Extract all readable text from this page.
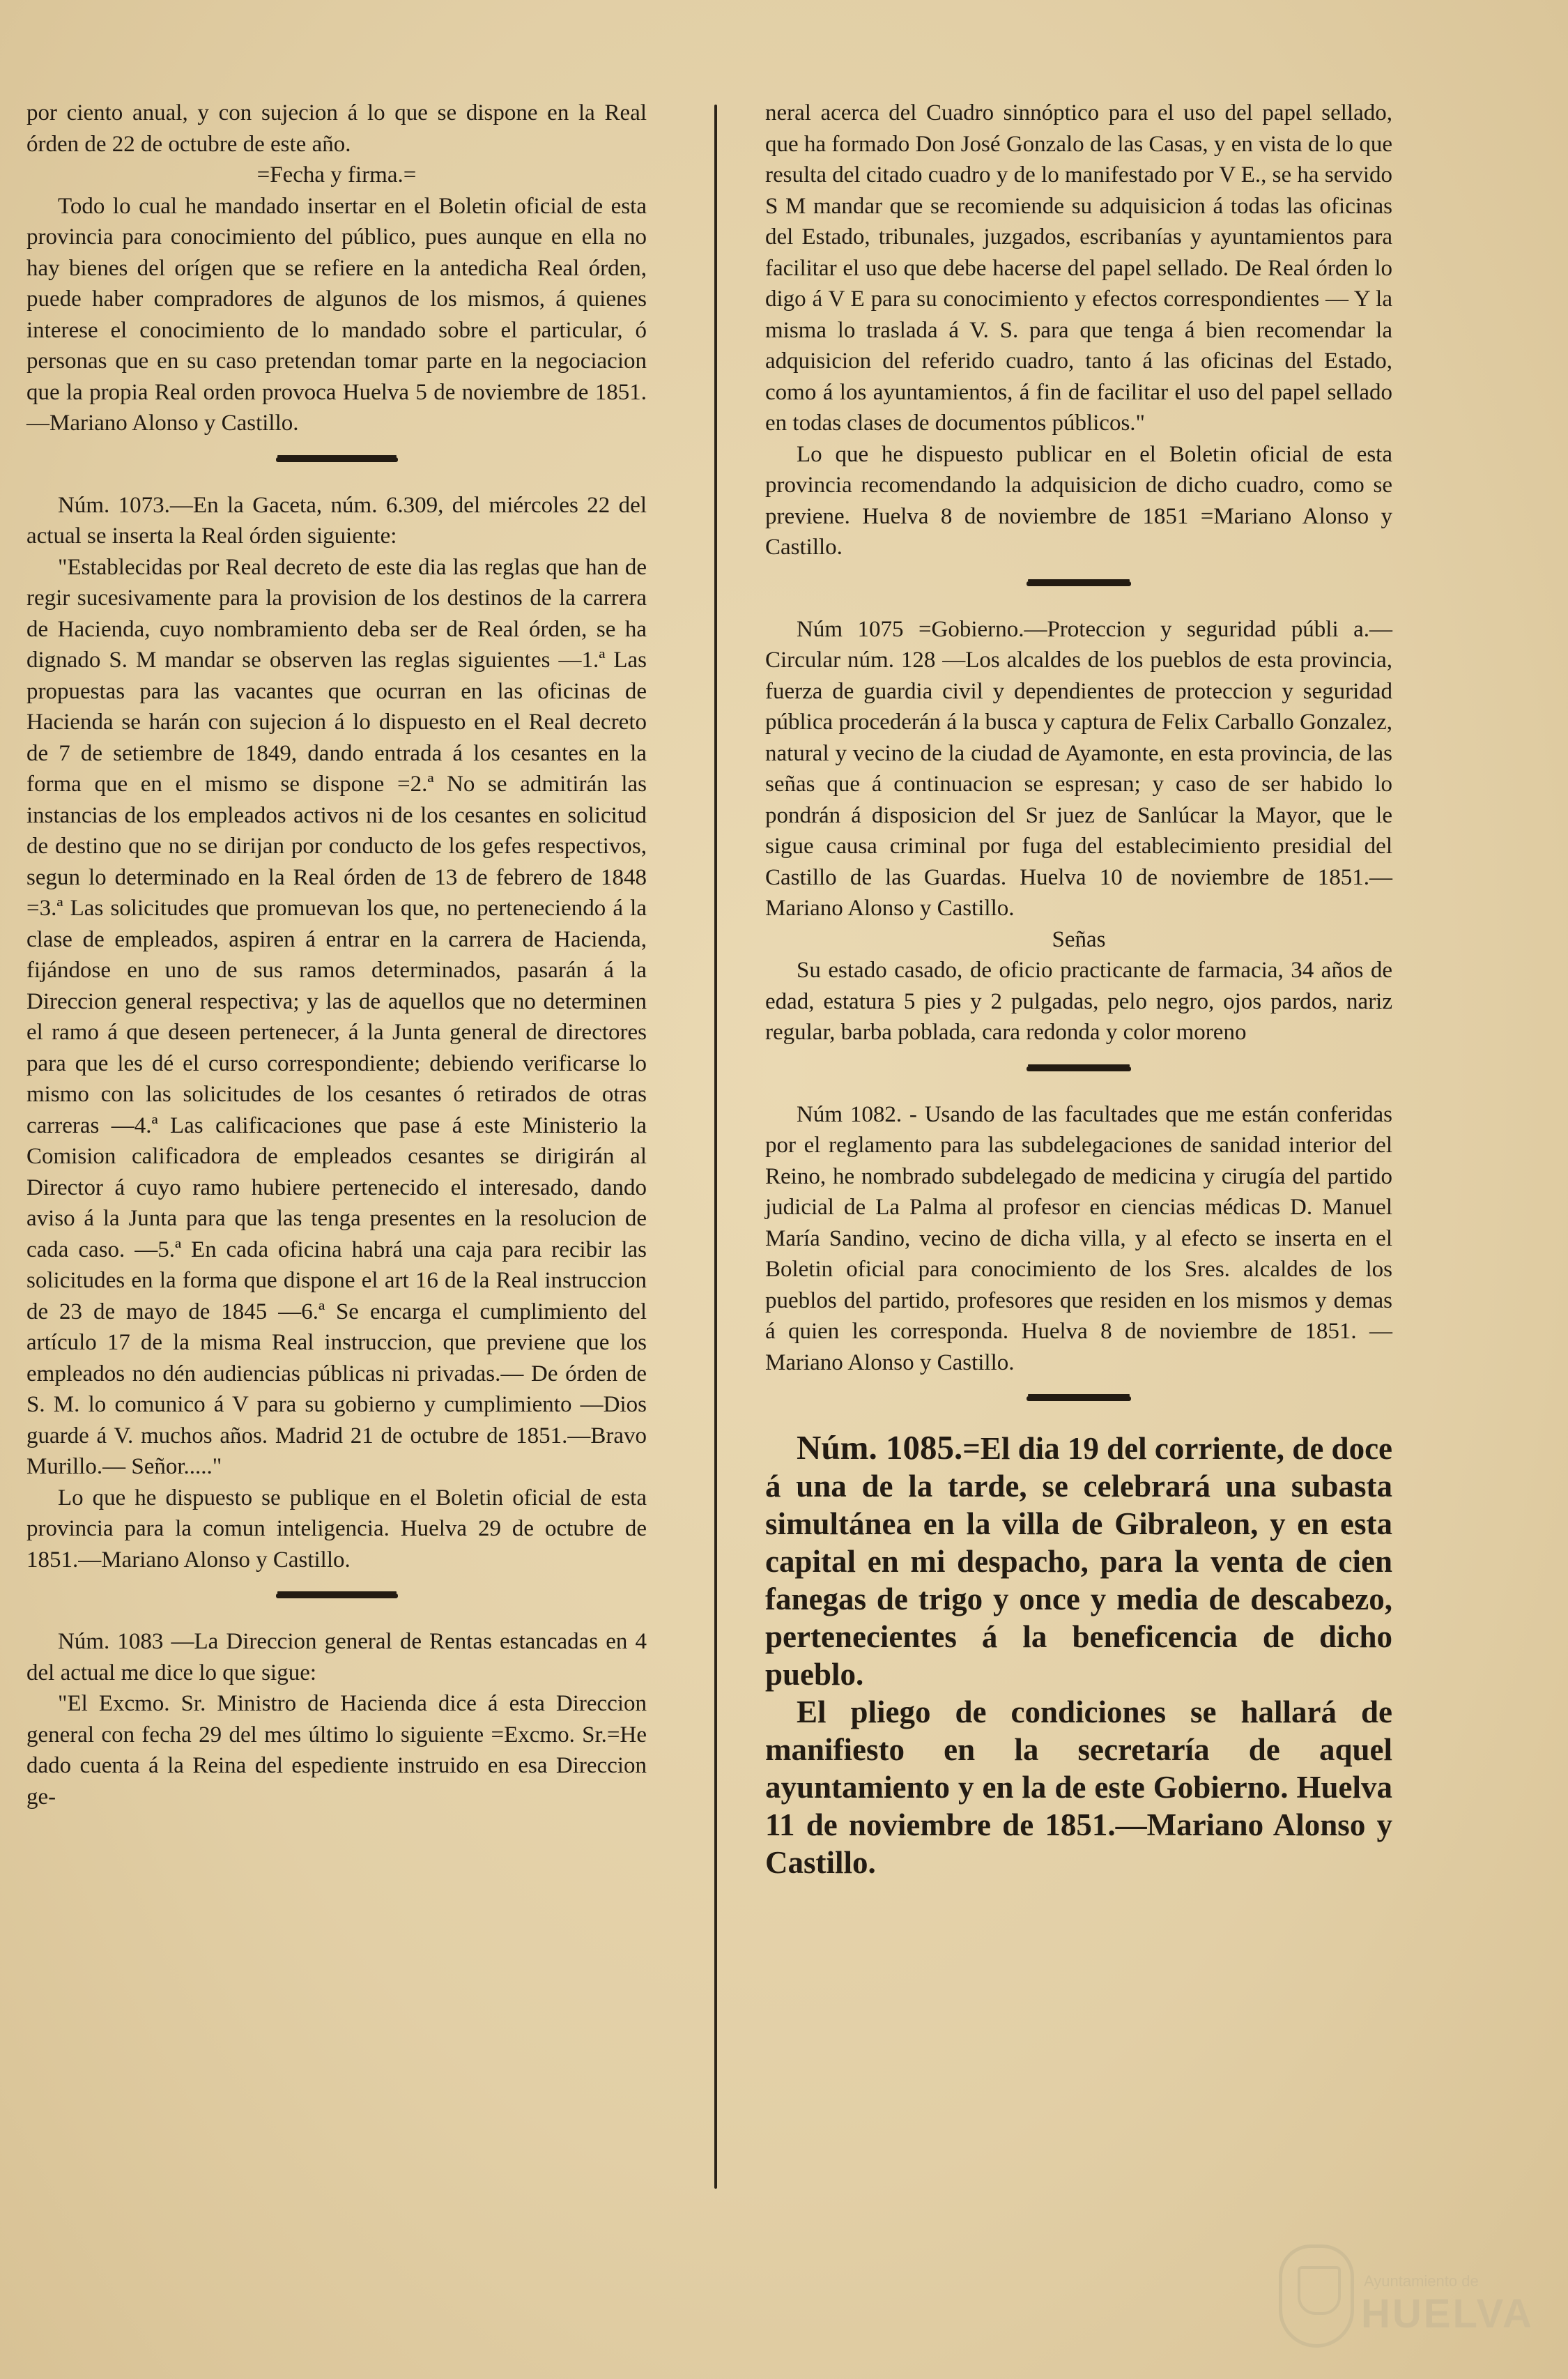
por ciento anual, y con sujecion á lo que se dispone en la Real órden de 22 de octubre de este año.

=Fecha y firma.=

Todo lo cual he mandado insertar en el Boletin oficial de esta provincia para conocimiento del público, pues aunque en ella no hay bienes del orígen que se refiere en la antedicha Real órden, puede haber compradores de algunos de los mismos, á quienes interese el conocimiento de lo mandado sobre el particular, ó personas que en su caso pretendan tomar parte en la negociacion que la propia Real orden provoca Huelva 5 de noviembre de 1851.—Mariano Alonso y Castillo.

Núm. 1073.—En la Gaceta, núm. 6.309, del miércoles 22 del actual se inserta la Real órden siguiente:

"Establecidas por Real decreto de este dia las reglas que han de regir sucesivamente para la provision de los destinos de la carrera de Hacienda, cuyo nombramiento deba ser de Real órden, se ha dignado S. M mandar se observen las reglas siguientes —1.ª Las propuestas para las vacantes que ocurran en las oficinas de Hacienda se harán con sujecion á lo dispuesto en el Real decreto de 7 de setiembre de 1849, dando entrada á los cesantes en la forma que en el mismo se dispone =2.ª No se admitirán las instancias de los empleados activos ni de los cesantes en solicitud de destino que no se dirijan por conducto de los gefes respectivos, segun lo determinado en la Real órden de 13 de febrero de 1848 =3.ª Las solicitudes que promuevan los que, no perteneciendo á la clase de empleados, aspiren á entrar en la carrera de Hacienda, fijándose en uno de sus ramos determinados, pasarán á la Direccion general respectiva; y las de aquellos que no determinen el ramo á que deseen pertenecer, á la Junta general de directores para que les dé el curso correspondiente; debiendo verificarse lo mismo con las solicitudes de los cesantes ó retirados de otras carreras —4.ª Las calificaciones que pase á este Ministerio la Comision calificadora de empleados cesantes se dirigirán al Director á cuyo ramo hubiere pertenecido el interesado, dando aviso á la Junta para que las tenga presentes en la resolucion de cada caso. —5.ª En cada oficina habrá una caja para recibir las solicitudes en la forma que dispone el art 16 de la Real instruccion de 23 de mayo de 1845 —6.ª Se encarga el cumplimiento del artículo 17 de la misma Real instruccion, que previene que los empleados no dén audiencias públicas ni privadas.— De órden de S. M. lo comunico á V para su gobierno y cumplimiento —Dios guarde á V. muchos años. Madrid 21 de octubre de 1851.—Bravo Murillo.— Señor....."

Lo que he dispuesto se publique en el Boletin oficial de esta provincia para la comun inteligencia. Huelva 29 de octubre de 1851.—Mariano Alonso y Castillo.

Núm. 1083 —La Direccion general de Rentas estancadas en 4 del actual me dice lo que sigue:

"El Excmo. Sr. Ministro de Hacienda dice á esta Direccion general con fecha 29 del mes último lo siguiente =Excmo. Sr.=He dado cuenta á la Reina del espediente instruido en esa Direccion ge-

neral acerca del Cuadro sinnóptico para el uso del papel sellado, que ha formado Don José Gonzalo de las Casas, y en vista de lo que resulta del citado cuadro y de lo manifestado por V E., se ha servido S M mandar que se recomiende su adquisicion á todas las oficinas del Estado, tribunales, juzgados, escribanías y ayuntamientos para facilitar el uso que debe hacerse del papel sellado. De Real órden lo digo á V E para su conocimiento y efectos correspondientes — Y la misma lo traslada á V. S. para que tenga á bien recomendar la adquisicion del referido cuadro, tanto á las oficinas del Estado, como á los ayuntamientos, á fin de facilitar el uso del papel sellado en todas clases de documentos públicos."

Lo que he dispuesto publicar en el Boletin oficial de esta provincia recomendando la adquisicion de dicho cuadro, como se previene. Huelva 8 de noviembre de 1851 =Mariano Alonso y Castillo.

Núm 1075 =Gobierno.—Proteccion y seguridad públi a.—Circular núm. 128 —Los alcaldes de los pueblos de esta provincia, fuerza de guardia civil y dependientes de proteccion y seguridad pública procederán á la busca y captura de Felix Carballo Gonzalez, natural y vecino de la ciudad de Ayamonte, en esta provincia, de las señas que á continuacion se espresan; y caso de ser habido lo pondrán á disposicion del Sr juez de Sanlúcar la Mayor, que le sigue causa criminal por fuga del establecimiento presidial del Castillo de las Guardas. Huelva 10 de noviembre de 1851.—Mariano Alonso y Castillo.

Señas

Su estado casado, de oficio practicante de farmacia, 34 años de edad, estatura 5 pies y 2 pulgadas, pelo negro, ojos pardos, nariz regular, barba poblada, cara redonda y color moreno

Núm 1082. - Usando de las facultades que me están conferidas por el reglamento para las subdelegaciones de sanidad interior del Reino, he nombrado subdelegado de medicina y cirugía del partido judicial de La Palma al profesor en ciencias médicas D. Manuel María Sandino, vecino de dicha villa, y al efecto se inserta en el Boletin oficial para conocimiento de los Sres. alcaldes de los pueblos del partido, profesores que residen en los mismos y demas á quien les corresponda. Huelva 8 de noviembre de 1851. — Mariano Alonso y Castillo.

Núm. 1085.=El dia 19 del corriente, de doce á una de la tarde, se celebrará una subasta simultánea en la villa de Gibraleon, y en esta capital en mi despacho, para la venta de cien fanegas de trigo y once y media de descabezo, pertenecientes á la beneficencia de dicho pueblo.

El pliego de condiciones se hallará de manifiesto en la secretaría de aquel ayuntamiento y en la de este Gobierno. Huelva 11 de noviembre de 1851.—Mariano Alonso y Castillo.

Ayuntamiento de
HUELVA
